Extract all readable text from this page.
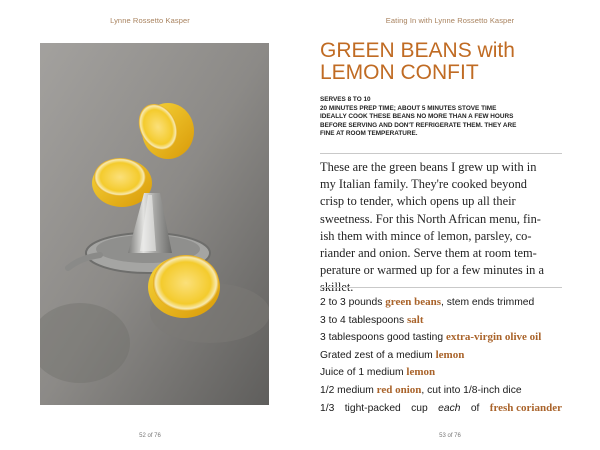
Lynne Rossetto Kasper
52 of 76
Eating In with Lynne Rossetto Kasper
53 of 76
GREEN BEANS with
LEMON CONFIT
SERVES 8 TO 10
20 MINUTES PREP TIME; ABOUT 5 MINUTES STOVE TIME
IDEALLY COOK THESE BEANS NO MORE THAN A FEW HOURS
BEFORE SERVING AND DON'T REFRIGERATE THEM. THEY ARE
FINE AT ROOM TEMPERATURE.
These are the green beans I grew up with in
my Italian family. They're cooked beyond
crisp to tender, which opens up all their
sweetness. For this North African menu, fin-
ish them with mince of lemon, parsley, co-
riander and onion. Serve them at room tem-
perature or warmed up for a few minutes in a
skillet.
2 to 3 pounds green beans, stem ends trimmed
3 to 4 tablespoons salt
3 tablespoons good tasting extra-virgin olive oil
Grated zest of a medium lemon
Juice of 1 medium lemon
1/2 medium red onion, cut into 1/8-inch dice
1/3 tight-packed cup each of fresh coriander
